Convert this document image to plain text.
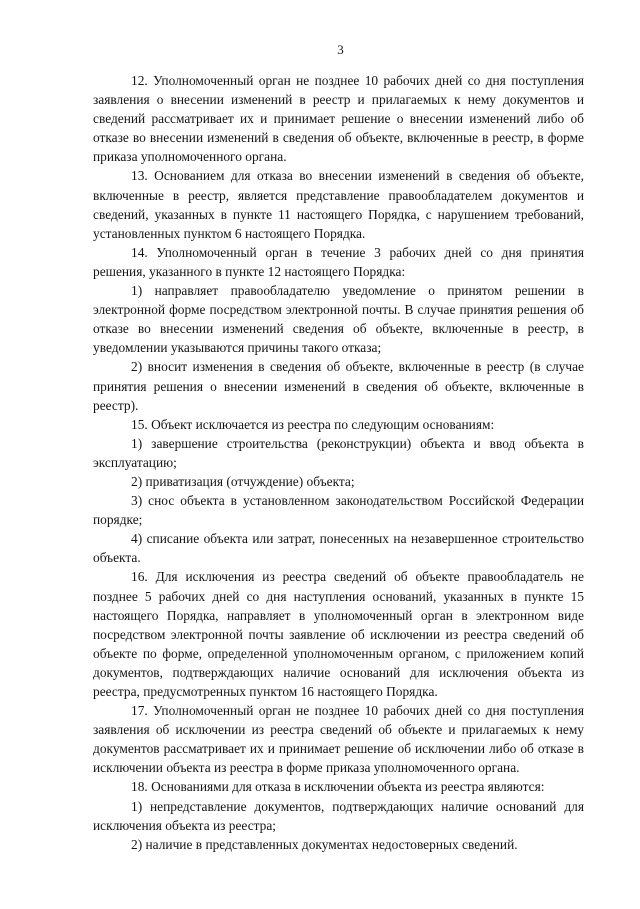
3

12. Уполномоченный орган не позднее 10 рабочих дней со дня поступления заявления о внесении изменений в реестр и прилагаемых к нему документов и сведений рассматривает их и принимает решение о внесении изменений либо об отказе во внесении изменений в сведения об объекте, включенные в реестр, в форме приказа уполномоченного органа.

13. Основанием для отказа во внесении изменений в сведения об объекте, включенные в реестр, является представление правообладателем документов и сведений, указанных в пункте 11 настоящего Порядка, с нарушением требований, установленных пунктом 6 настоящего Порядка.

14. Уполномоченный орган в течение 3 рабочих дней со дня принятия решения, указанного в пункте 12 настоящего Порядка:

1) направляет правообладателю уведомление о принятом решении в электронной форме посредством электронной почты. В случае принятия решения об отказе во внесении изменений сведения об объекте, включенные в реестр, в уведомлении указываются причины такого отказа;

2) вносит изменения в сведения об объекте, включенные в реестр (в случае принятия решения о внесении изменений в сведения об объекте, включенные в реестр).

15. Объект исключается из реестра по следующим основаниям:

1) завершение строительства (реконструкции) объекта и ввод объекта в эксплуатацию;

2) приватизация (отчуждение) объекта;

3) снос объекта в установленном законодательством Российской Федерации порядке;

4) списание объекта или затрат, понесенных на незавершенное строительство объекта.

16. Для исключения из реестра сведений об объекте правообладатель не позднее 5 рабочих дней со дня наступления оснований, указанных в пункте 15 настоящего Порядка, направляет в уполномоченный орган в электронном виде посредством электронной почты заявление об исключении из реестра сведений об объекте по форме, определенной уполномоченным органом, с приложением копий документов, подтверждающих наличие оснований для исключения объекта из реестра, предусмотренных пунктом 16 настоящего Порядка.

17. Уполномоченный орган не позднее 10 рабочих дней со дня поступления заявления об исключении из реестра сведений об объекте и прилагаемых к нему документов рассматривает их и принимает решение об исключении либо об отказе в исключении объекта из реестра в форме приказа уполномоченного органа.

18. Основаниями для отказа в исключении объекта из реестра являются:

1) непредставление документов, подтверждающих наличие оснований для исключения объекта из реестра;

2) наличие в представленных документах недостоверных сведений.
